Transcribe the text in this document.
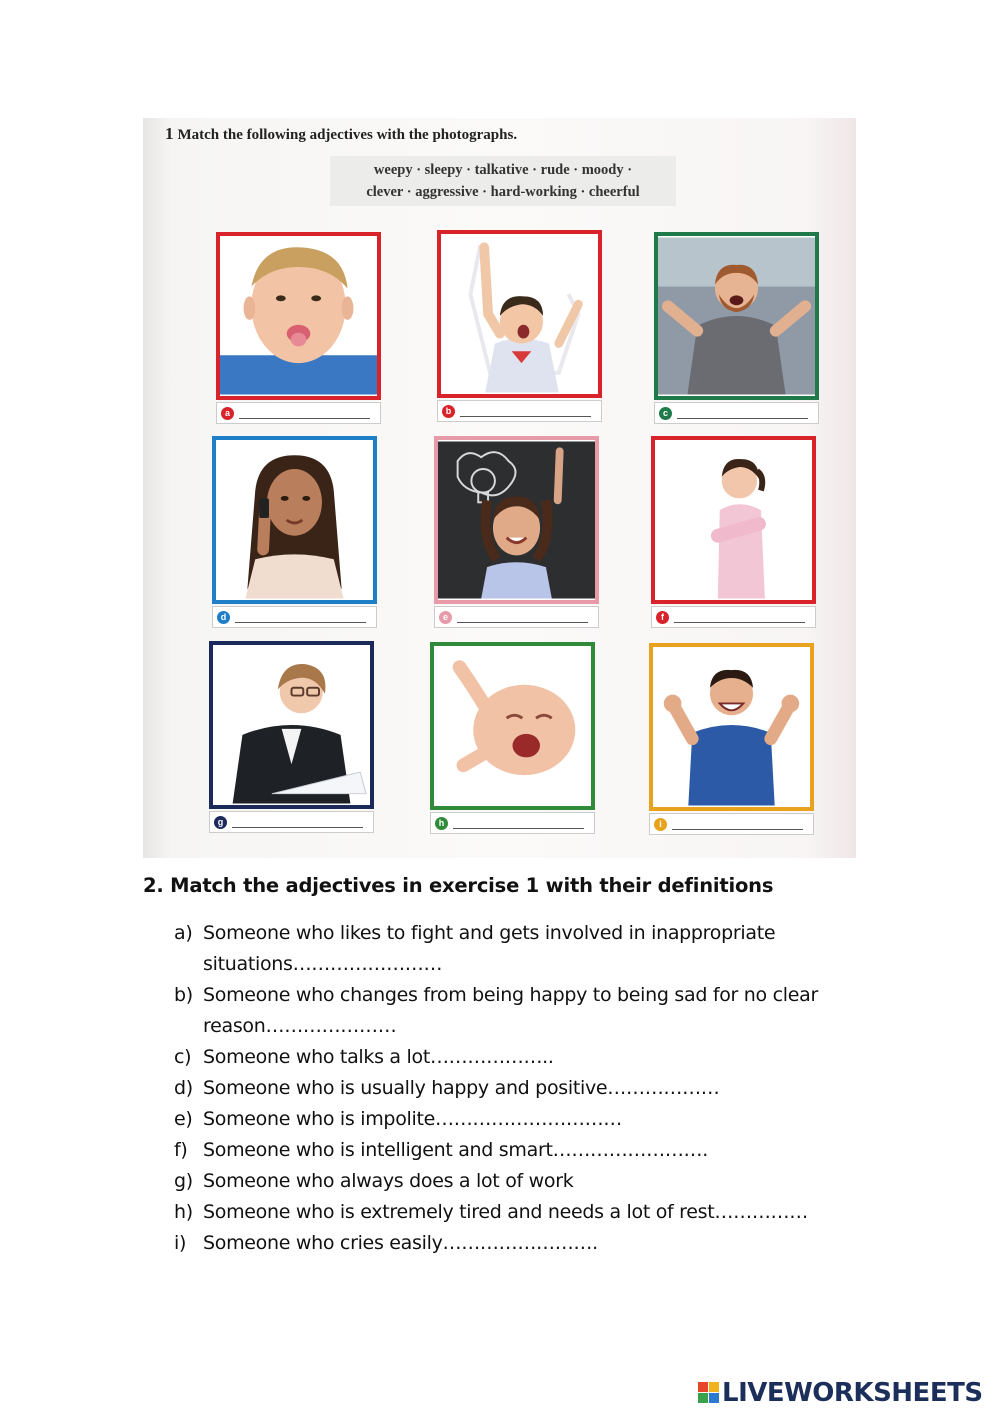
1 Match the following adjectives with the photographs.
weepy · sleepy · talkative · rude · moody ·
clever · aggressive · hard-working · cheerful
a	b	c
d	e	f
g	h	i
2. Match the adjectives in exercise 1 with their definitions
a) Someone who likes to fight and gets involved in inappropriate situations……………………
b) Someone who changes from being happy to being sad for no clear reason…………………
c) Someone who talks a lot………………..
d) Someone who is usually happy and positive………………
e) Someone who is impolite…………………………
f) Someone who is intelligent and smart…………………….
g) Someone who always does a lot of work
h) Someone who is extremely tired and needs a lot of rest……………
i) Someone who cries easily…………………….
LIVEWORKSHEETS
